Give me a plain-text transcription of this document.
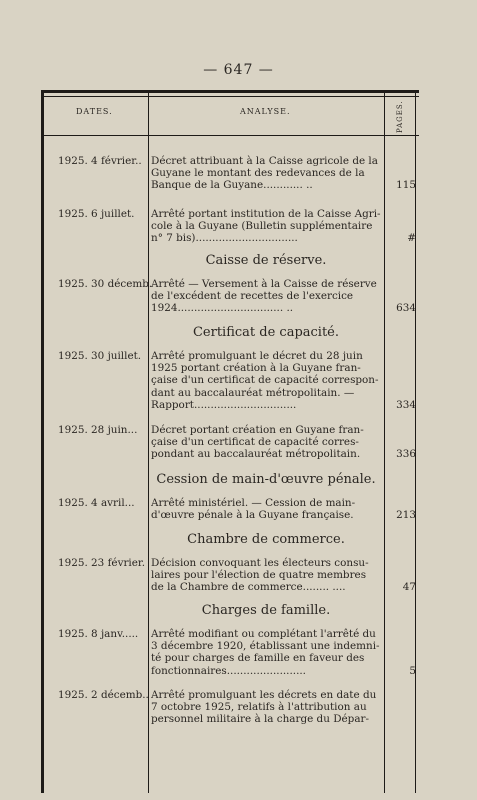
— 647 —
DATES.	ANALYSE.	PAGES.
1925. 4 février.. Décret attribuant à la Caisse agricole de la
Guyane le montant des redevances de la
Banque de la Guyane............ ..	115
1925. 6 juillet. Arrêté portant institution de la Caisse Agri-
cole à la Guyane (Bulletin supplémentaire
n° 7 bis)...............................	#
Caisse de réserve.
1925. 30 décemb.
Arrêté — Versement à la Caisse de réserve
de l'excédent de recettes de l'exercice
1924................................ ..	634
Certificat de capacité.
1925. 30 juillet. Arrêté promulguant le décret du 28 juin
1925 portant création à la Guyane fran-
çaise d'un certificat de capacité correspon-
dant au baccalauréat métropolitain. —
Rapport...............................	334
1925. 28 juin... Décret portant création en Guyane fran-
çaise d'un certificat de capacité corres-
pondant au baccalauréat métropolitain.	336
Cession de main-d'œuvre pénale.
1925. 4 avril... Arrêté ministériel. — Cession de main-
d'œuvre pénale à la Guyane française.	213
Chambre de commerce.
1925. 23 février. Décision convoquant les électeurs consu-
laires pour l'élection de quatre membres
de la Chambre de commerce........ ....	47
Charges de famille.
1925. 8 janv..... Arrêté modifiant ou complétant l'arrêté du
3 décembre 1920, établissant une indemni-
té pour charges de famille en faveur des
fonctionnaires........................	5
1925. 2 décemb.. Arrêté promulguant les décrets en date du
7 octobre 1925, relatifs à l'attribution au
personnel militaire à la charge du Dépar-
